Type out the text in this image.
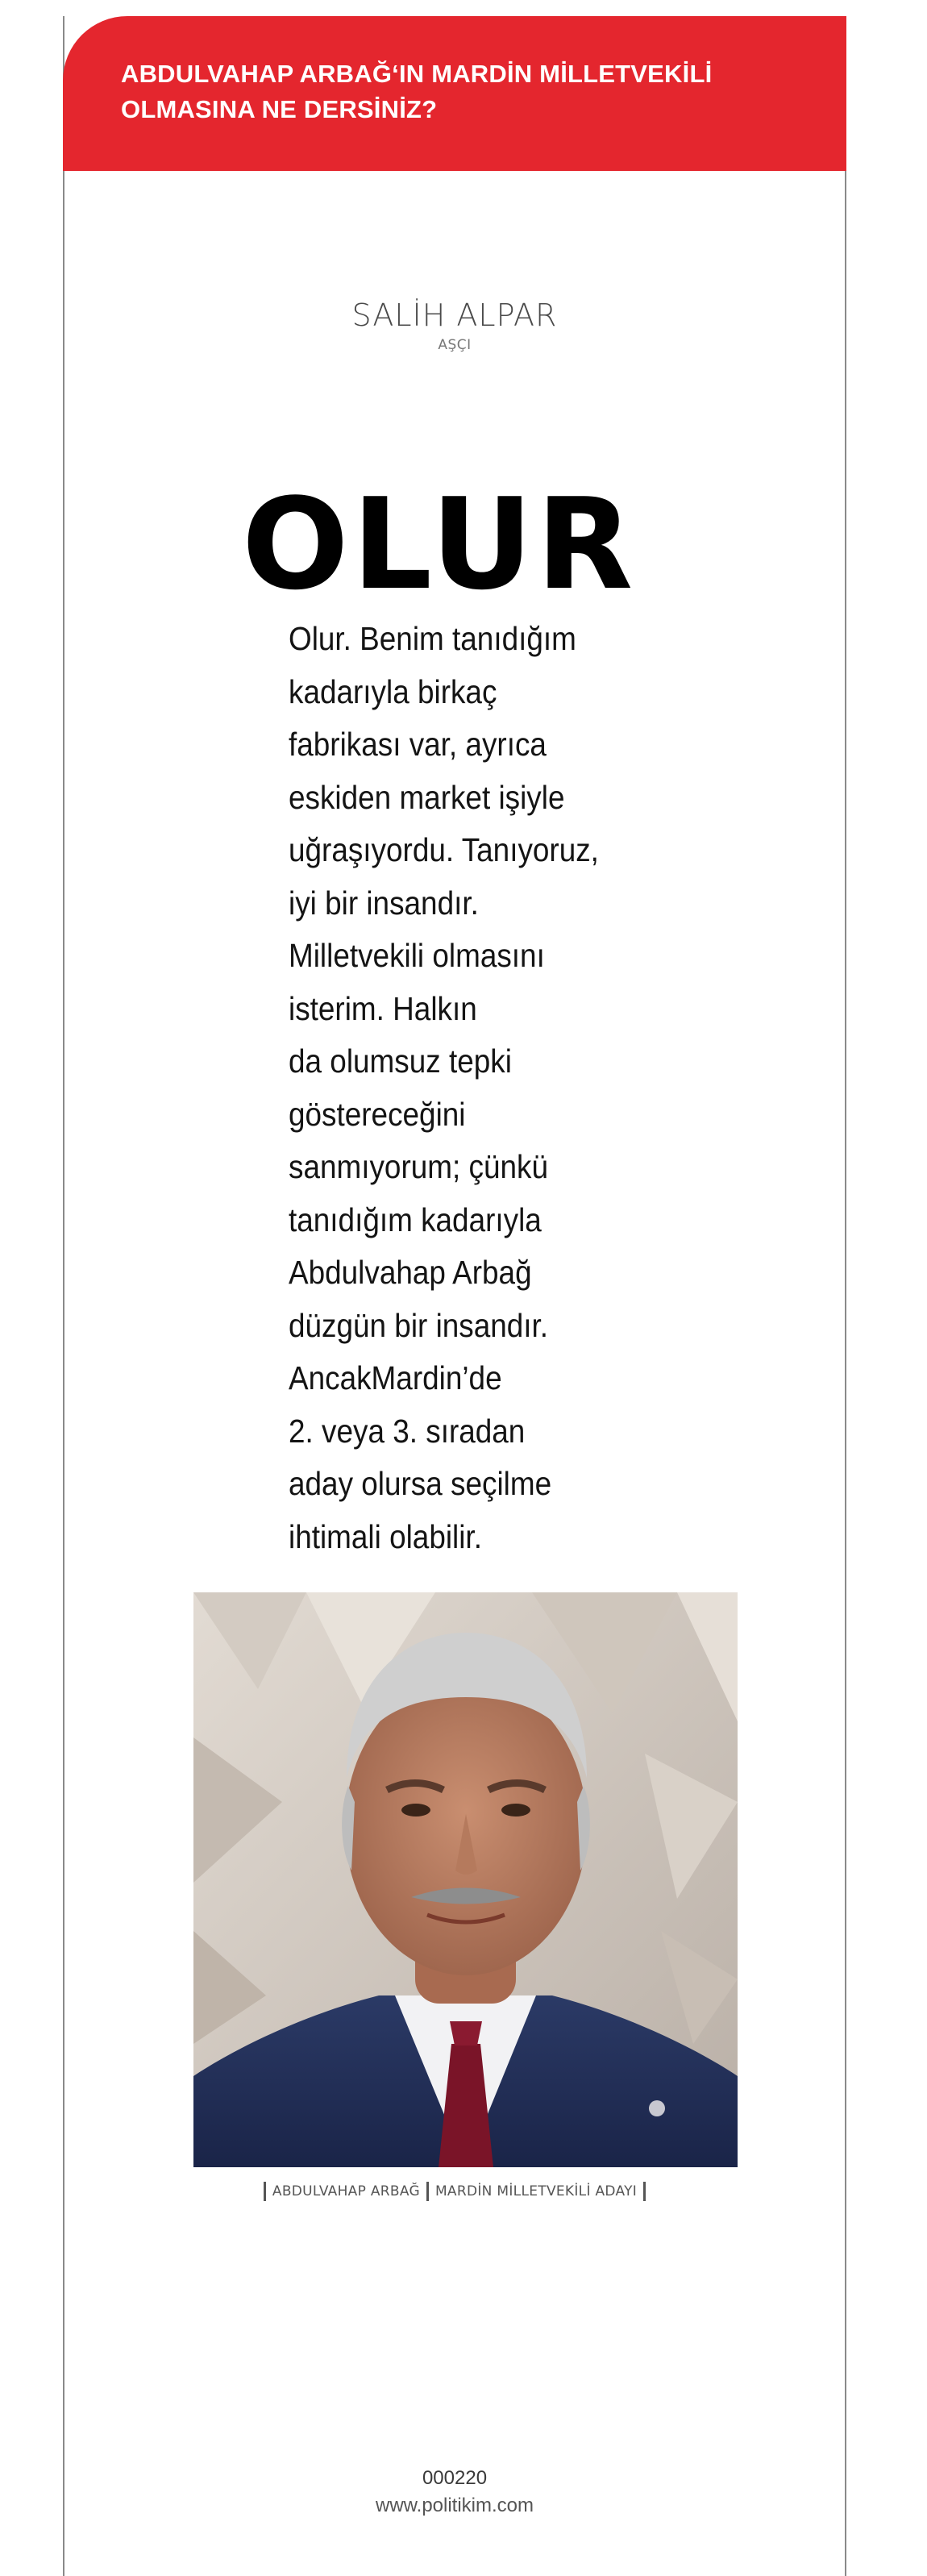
ABDULVAHAP ARBAĞ‘IN MARDİN MİLLETVEKİLİ
OLMASINA NE DERSİNİZ?

SALİH ALPAR

AŞÇI

OLUR

Olur. Benim tanıdığım
kadarıyla birkaç
fabrikası var, ayrıca
eskiden market işiyle
uğraşıyordu. Tanıyoruz,
iyi bir insandır.
Milletvekili olmasını
isterim. Halkın
da olumsuz tepki
göstereceğini
sanmıyorum; çünkü
tanıdığım kadarıyla
Abdulvahap Arbağ
düzgün bir insandır.
AncakMardin’de
2. veya 3. sıradan
aday olursa seçilme
ihtimali olabilir.

ABDULVAHAP ARBAĞ MARDİN MİLLETVEKİLİ ADAYI

000220

www.politikim.com
